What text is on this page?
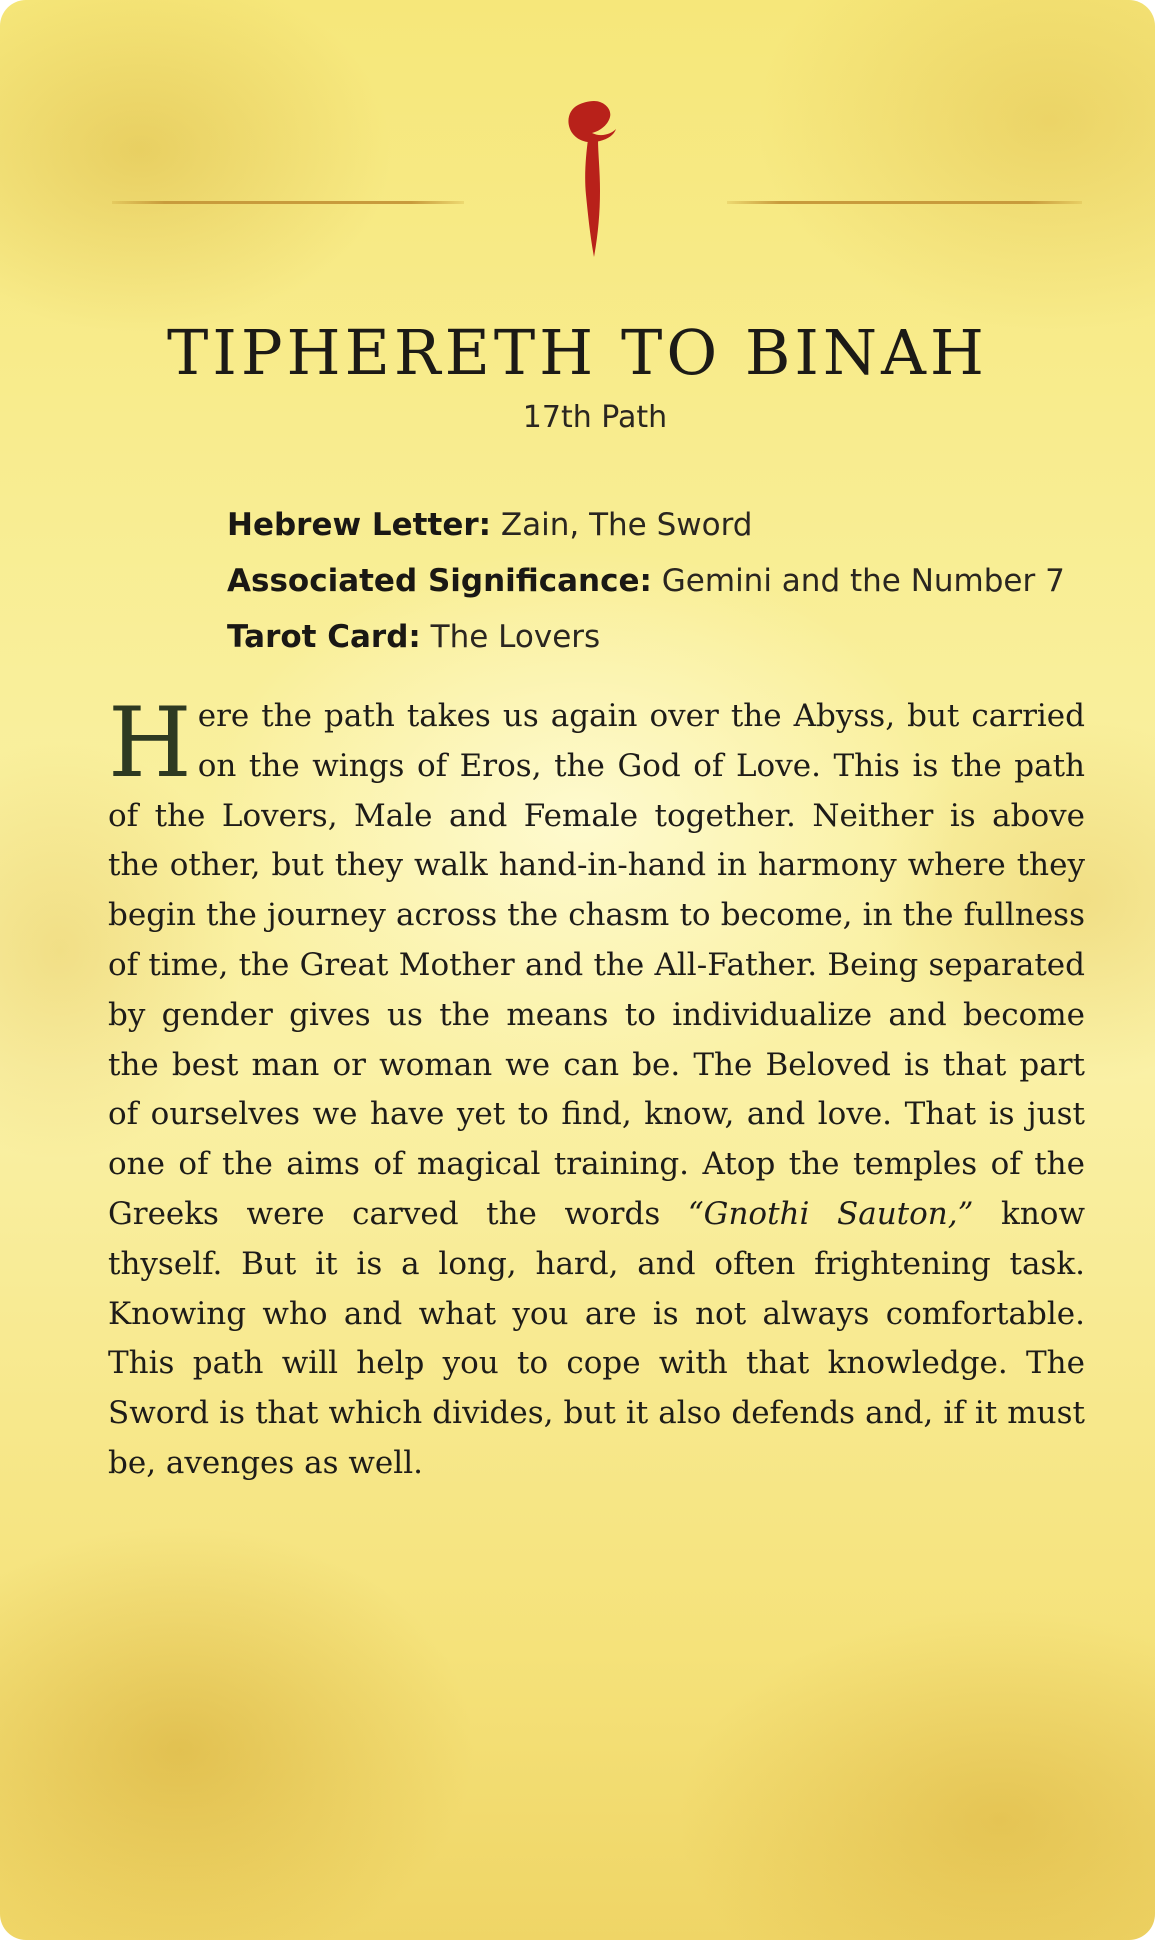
TIPHERETH TO BINAH
17th Path
Hebrew Letter: Zain, The Sword
Associated Significance: Gemini and the Number 7
Tarot Card: The Lovers
Here the path takes us again over the Abyss, but carried on the wings of Eros, the God of Love. This is the path of the Lovers, Male and Female together. Neither is above the other, but they walk hand-in-hand in harmony where they begin the journey across the chasm to become, in the fullness of time, the Great Mother and the All-Father. Being separated by gender gives us the means to individualize and become the best man or woman we can be. The Beloved is that part of ourselves we have yet to find, know, and love. That is just one of the aims of magical training. Atop the temples of the Greeks were carved the words “Gnothi Sauton,” know thyself. But it is a long, hard, and often frightening task. Knowing who and what you are is not always comfortable. This path will help you to cope with that knowledge. The Sword is that which divides, but it also defends and, if it must be, avenges as well.
